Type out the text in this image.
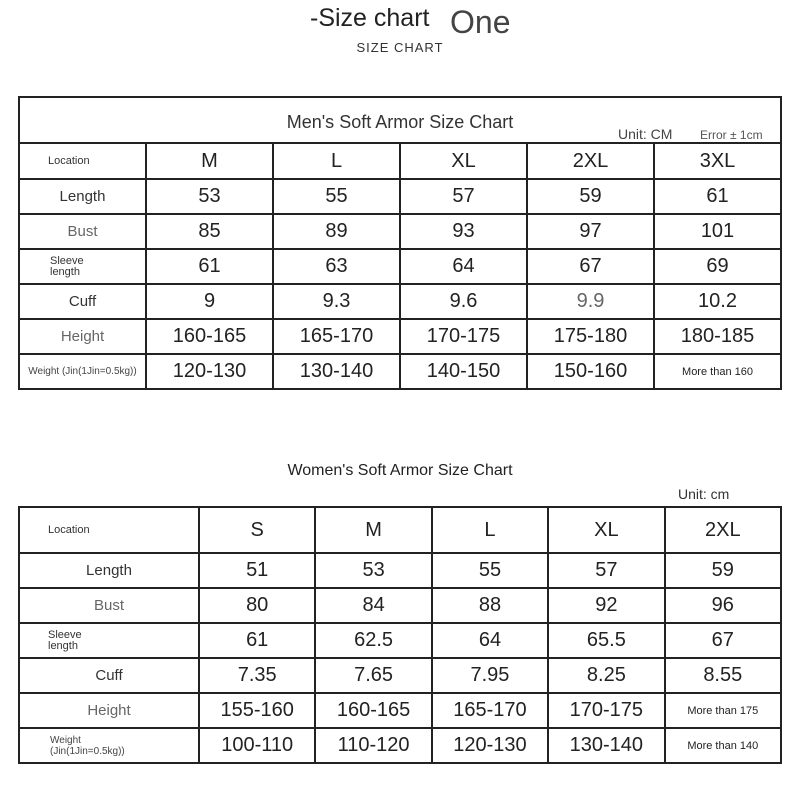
-Size chart One
SIZE CHART
Men's Soft Armor Size Chart
Unit: CM Error ± 1cm					

Location	M	L	XL	2XL	3XL
Length	53	55	57	59	61
Bust	85	89	93	97	101

Sleeve
length	61	63	64	67	69
Cuff	9	9.3	9.6	9.9	10.2
Height	160-165	165-170	170-175	175-180	180-185
Weight (Jin(1Jin=0.5kg))	120-130	130-140	140-150	150-160	More than 160
Women's Soft Armor Size Chart
Unit: cm
Location	S	M	L	XL	2XL
Length	51	53	55	57	59
Bust	80	84	88	92	96

Sleeve
length	61	62.5	64	65.5	67
Cuff	7.35	7.65	7.95	8.25	8.55
Height	155-160	160-165	165-170	170-175	More than 175

Weight
(Jin(1Jin=0.5kg))	100-110	110-120	120-130	130-140	More than 140
